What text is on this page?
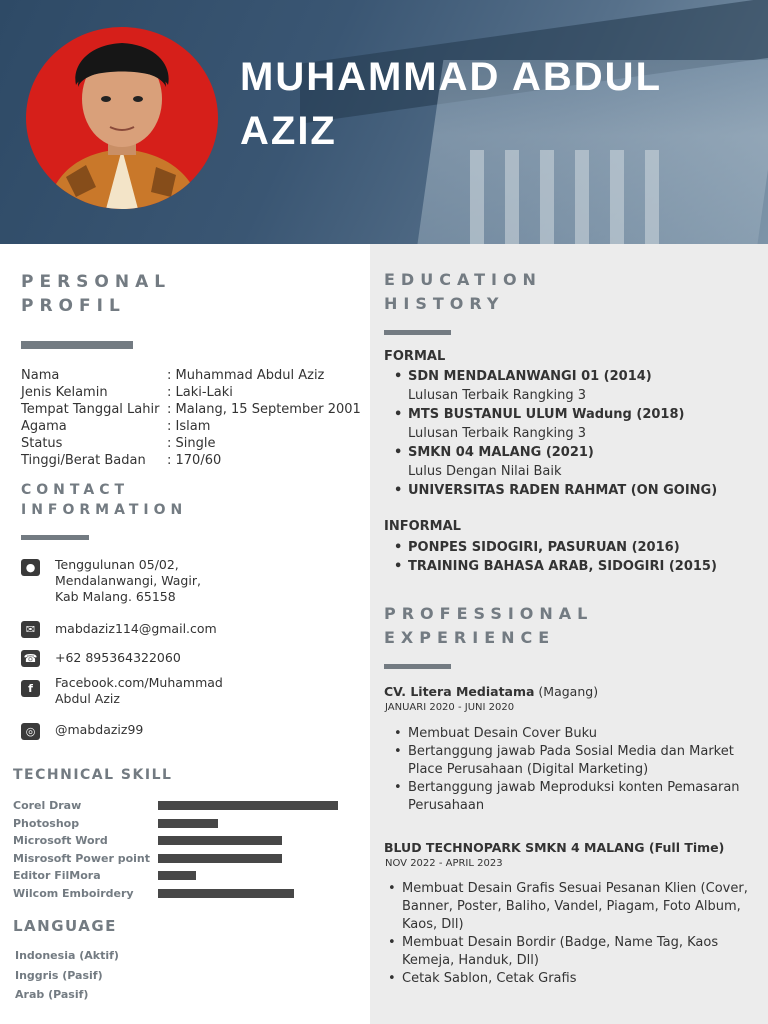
MUHAMMAD ABDUL
AZIZ
PERSONAL
PROFIL
Nama	: Muhammad Abdul Aziz
Jenis Kelamin	: Laki-Laki
Tempat Tanggal Lahir : Malang, 15 September 2001
Agama	: Islam
Status	: Single
Tinggi/Berat Badan	: 170/60
CONTACT
INFORMATION
●	Tenggulunan 05/02,
Mendalanwangi, Wagir,
Kab Malang. 65158
✉	mabdaziz114@gmail.com
☎ +62 895364322060
f	Facebook.com/Muhammad
Abdul Aziz
◎	@mabdaziz99
TECHNICAL SKILL
Corel Draw
Photoshop
Microsoft Word
Misrosoft Power point
Editor FilMora
Wilcom Emboirdery
LANGUAGE
Indonesia (Aktif)
Inggris (Pasif)
Arab (Pasif)
EDUCATION
HISTORY
FORMAL
• SDN MENDALANWANGI 01 (2014)
Lulusan Terbaik Rangking 3
• MTS BUSTANUL ULUM Wadung (2018)
Lulusan Terbaik Rangking 3
• SMKN 04 MALANG (2021)
Lulus Dengan Nilai Baik
• UNIVERSITAS RADEN RAHMAT (ON GOING)
INFORMAL
• PONPES SIDOGIRI, PASURUAN (2016)
• TRAINING BAHASA ARAB, SIDOGIRI (2015)
PROFESSIONAL
EXPERIENCE
CV. Litera Mediatama (Magang)
JANUARI 2020 - JUNI 2020
• Membuat Desain Cover Buku
• Bertanggung jawab Pada Sosial Media dan Market Place Perusahaan (Digital Marketing)
• Bertanggung jawab Meproduksi konten Pemasaran Perusahaan
BLUD TECHNOPARK SMKN 4 MALANG (Full Time)
NOV 2022 - APRIL 2023
• Membuat Desain Grafis Sesuai Pesanan Klien (Cover, Banner, Poster, Baliho, Vandel, Piagam, Foto Album, Kaos, Dll)
• Membuat Desain Bordir (Badge, Name Tag, Kaos Kemeja, Handuk, Dll)
• Cetak Sablon, Cetak Grafis
